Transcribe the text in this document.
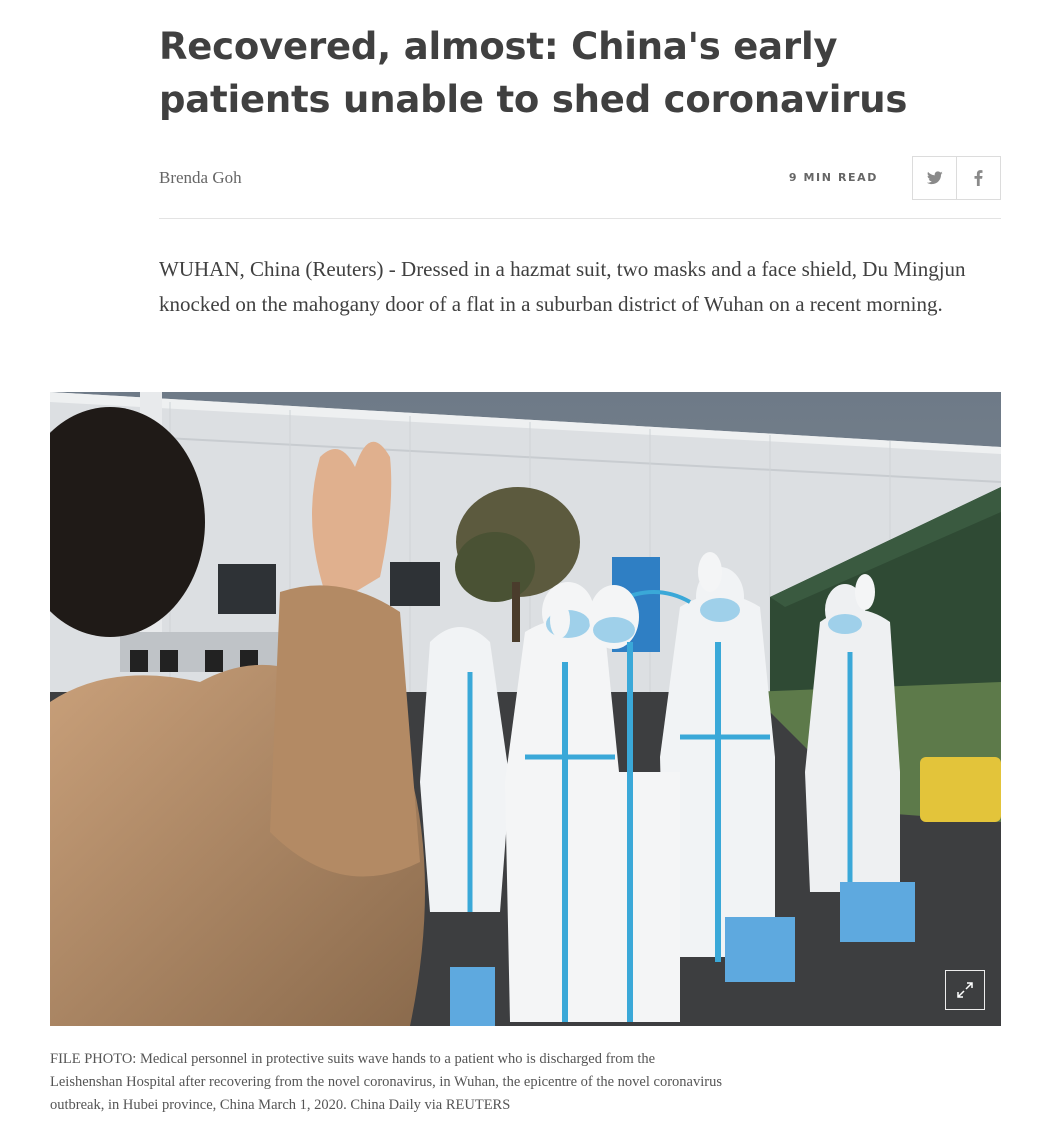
Recovered, almost: China's early patients unable to shed coronavirus
Brenda Goh	9 MIN READ

WUHAN, China (Reuters) - Dressed in a hazmat suit, two masks and a face shield, Du Mingjun knocked on the mahogany door of a flat in a suburban district of Wuhan on a recent morning.

FILE PHOTO: Medical personnel in protective suits wave hands to a patient who is discharged from the Leishenshan Hospital after recovering from the novel coronavirus, in Wuhan, the epicentre of the novel coronavirus outbreak, in Hubei province, China March 1, 2020. China Daily via REUTERS
